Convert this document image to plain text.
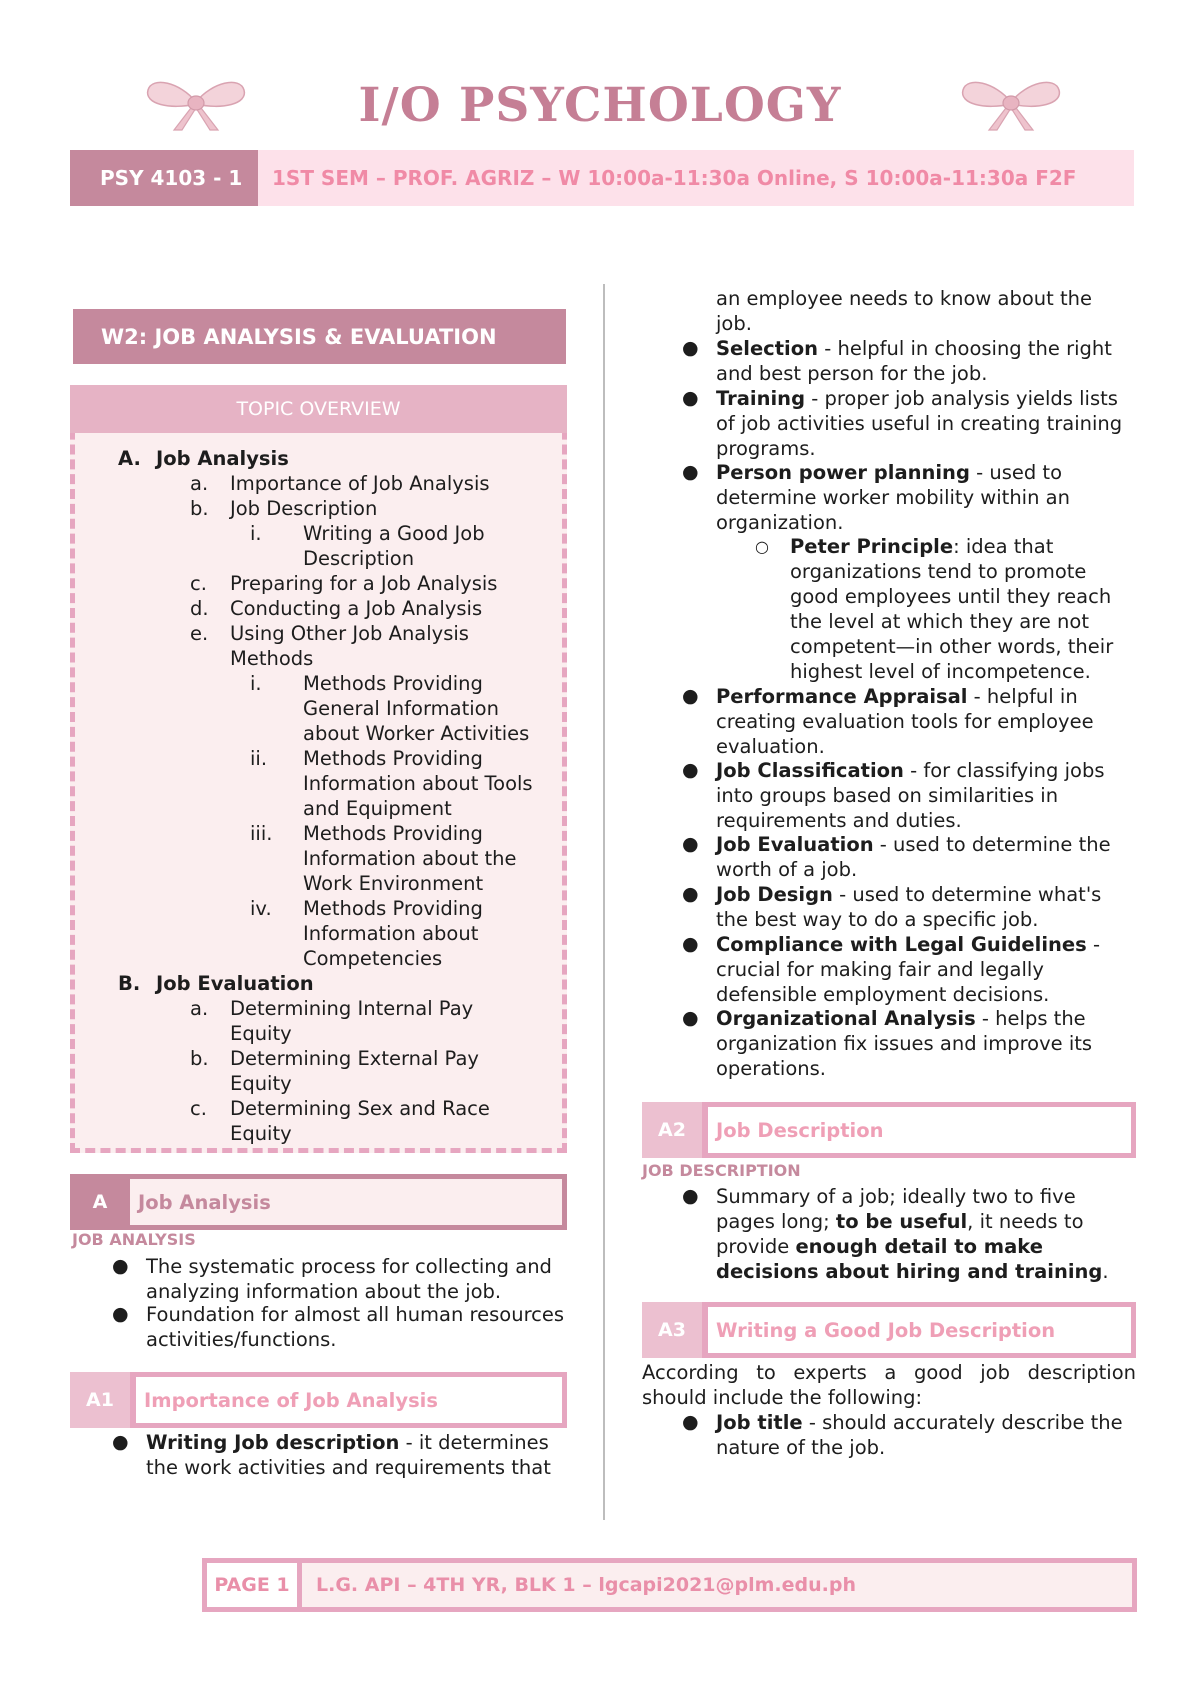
I/O PSYCHOLOGY
PSY 4103 - 1	1ST SEM – PROF. AGRIZ – W 10:00a-11:30a Online, S 10:00a-11:30a F2F
W2: JOB ANALYSIS & EVALUATION
TOPIC OVERVIEW
A. Job Analysis
a. Importance of Job Analysis
b. Job Description
i. Writing a Good Job Description
c. Preparing for a Job Analysis
d. Conducting a Job Analysis
e. Using Other Job Analysis Methods
i. Methods Providing General Information about Worker Activities
ii. Methods Providing Information about Tools and Equipment
iii. Methods Providing Information about the Work Environment
iv. Methods Providing Information about Competencies
B. Job Evaluation
a. Determining Internal Pay Equity
b. Determining External Pay Equity
c. Determining Sex and Race Equity
A	Job Analysis
JOB ANALYSIS
● The systematic process for collecting and analyzing information about the job.
● Foundation for almost all human resources activities/functions.
A1	Importance of Job Analysis
● Writing Job description - it determines the work activities and requirements that
an employee needs to know about the job.
● Selection - helpful in choosing the right and best person for the job.
● Training - proper job analysis yields lists of job activities useful in creating training programs.
● Person power planning - used to determine worker mobility within an organization.
○ Peter Principle: idea that organizations tend to promote good employees until they reach the level at which they are not competent—in other words, their highest level of incompetence.
● Performance Appraisal - helpful in creating evaluation tools for employee evaluation.
● Job Classification - for classifying jobs into groups based on similarities in requirements and duties.
● Job Evaluation - used to determine the worth of a job.
● Job Design - used to determine what's the best way to do a specific job.
● Compliance with Legal Guidelines - crucial for making fair and legally defensible employment decisions.
● Organizational Analysis - helps the organization fix issues and improve its operations.
A2	Job Description
JOB DESCRIPTION
● Summary of a job; ideally two to five pages long; to be useful, it needs to provide enough detail to make decisions about hiring and training.
A3	Writing a Good Job Description
According to experts a good job description should include the following:
● Job title - should accurately describe the nature of the job.
PAGE 1	L.G. API – 4TH YR, BLK 1 – lgcapi2021@plm.edu.ph
